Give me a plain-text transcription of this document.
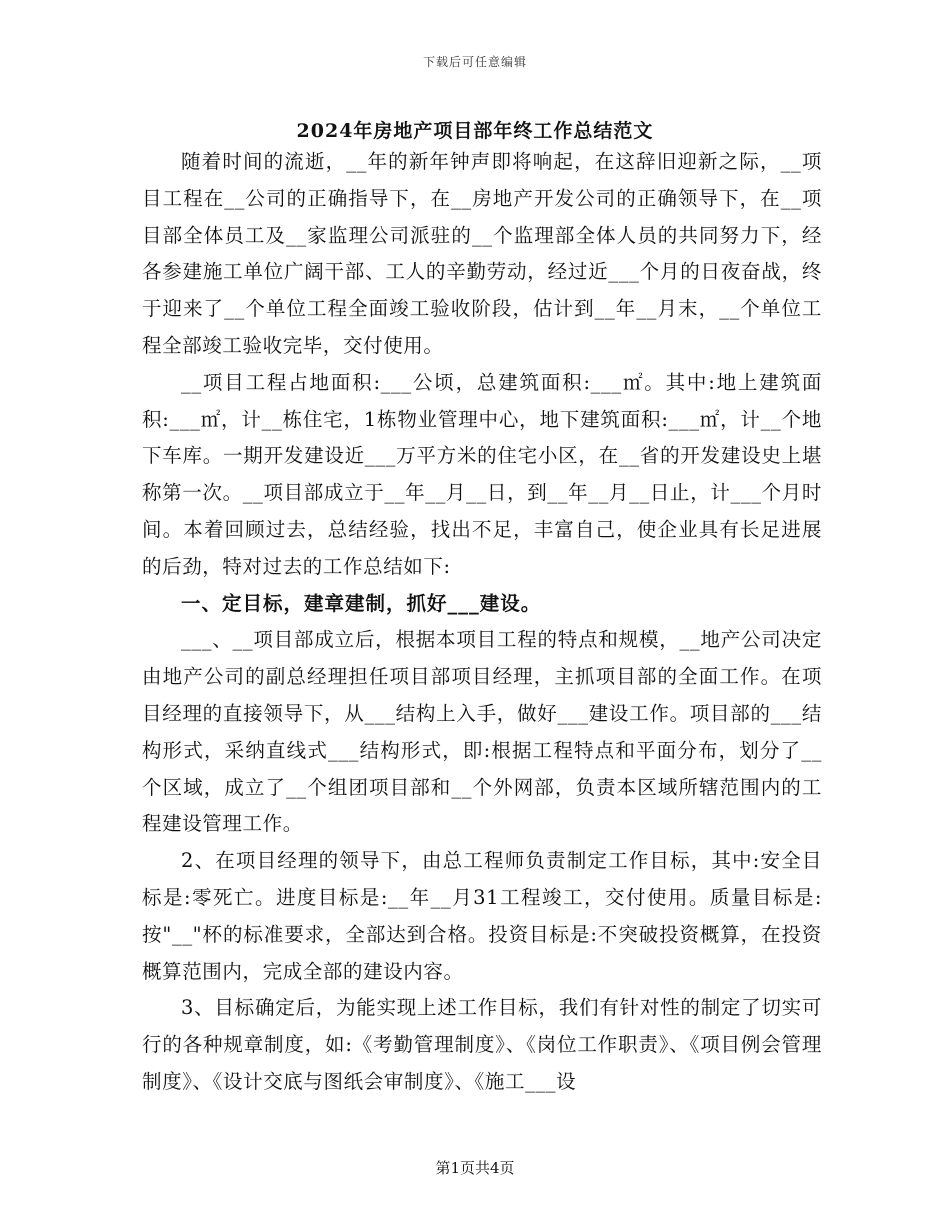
下载后可任意编辑
2024年房地产项目部年终工作总结范文

随着时间的流逝，__年的新年钟声即将响起，在这辞旧迎新之际，__项目工程在__公司的正确指导下，在__房地产开发公司的正确领导下，在__项目部全体员工及__家监理公司派驻的__个监理部全体人员的共同努力下，经各参建施工单位广阔干部、工人的辛勤劳动，经过近___个月的日夜奋战，终于迎来了__个单位工程全面竣工验收阶段，估计到__年__月末，__个单位工程全部竣工验收完毕，交付使用。

__项目工程占地面积:___公顷，总建筑面积:___㎡。其中:地上建筑面积:___㎡，计__栋住宅，1栋物业管理中心，地下建筑面积:___㎡，计__个地下车库。一期开发建设近___万平方米的住宅小区，在__省的开发建设史上堪称第一次。__项目部成立于__年__月__日，到__年__月__日止，计___个月时间。本着回顾过去，总结经验，找出不足，丰富自己，使企业具有长足进展的后劲，特对过去的工作总结如下:

一、定目标，建章建制，抓好___建设。

___、__项目部成立后，根据本项目工程的特点和规模，__地产公司决定由地产公司的副总经理担任项目部项目经理，主抓项目部的全面工作。在项目经理的直接领导下，从___结构上入手，做好___建设工作。项目部的___结构形式，采纳直线式___结构形式，即:根据工程特点和平面分布，划分了__个区域，成立了__个组团项目部和__个外网部，负责本区域所辖范围内的工程建设管理工作。

2、在项目经理的领导下，由总工程师负责制定工作目标，其中:安全目标是:零死亡。进度目标是:__年__月31工程竣工，交付使用。质量目标是:按"__"杯的标准要求，全部达到合格。投资目标是:不突破投资概算，在投资概算范围内，完成全部的建设内容。

3、目标确定后，为能实现上述工作目标，我们有针对性的制定了切实可行的各种规章制度，如:《考勤管理制度》、《岗位工作职责》、《项目例会管理制度》、《设计交底与图纸会审制度》、《施工___设

第1页共4页
